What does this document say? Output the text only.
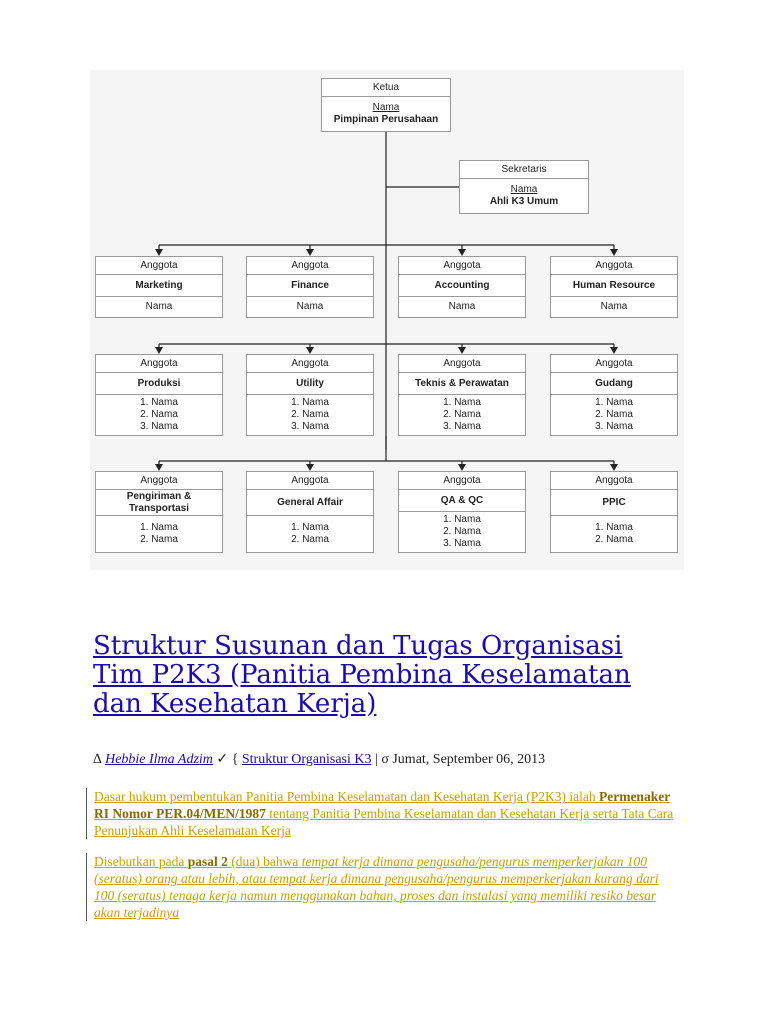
Ketua
Nama
Pimpinan Perusahaan
Sekretaris
Nama
Ahli K3 Umum
Anggota
Marketing
Nama
Anggota
Finance
Nama
Anggota
Accounting
Nama
Anggota
Human Resource
Nama
Anggota
Produksi
1. Nama
2. Nama
3. Nama
Anggota
Utility
1. Nama
2. Nama
3. Nama
Anggota
Teknis & Perawatan
1. Nama
2. Nama
3. Nama
Anggota
Gudang
1. Nama
2. Nama
3. Nama
Anggota
Pengiriman & Transportasi
1. Nama
2. Nama
Anggota
General Affair
1. Nama
2. Nama
Anggota
QA & QC
1. Nama
2. Nama
3. Nama
Anggota
PPIC
1. Nama
2. Nama
Struktur Susunan dan Tugas Organisasi Tim P2K3 (Panitia Pembina Keselamatan dan Kesehatan Kerja)
∆ Hebbie Ilma Adzim ✓ { Struktur Organisasi K3 | σ Jumat, September 06, 2013
Dasar hukum pembentukan Panitia Pembina Keselamatan dan Kesehatan Kerja (P2K3) ialah Permenaker RI Nomor PER.04/MEN/1987 tentang Panitia Pembina Keselamatan dan Kesehatan Kerja serta Tata Cara Penunjukan Ahli Keselamatan Kerja
Disebutkan pada pasal 2 (dua) bahwa tempat kerja dimana pengusaha/pengurus memperkerjakan 100 (seratus) orang atau lebih, atau tempat kerja dimana pengusaha/pengurus memperkerjakan kurang dari 100 (seratus) tenaga kerja namun menggunakan bahan, proses dan instalasi yang memiliki resiko besar akan terjadinya
